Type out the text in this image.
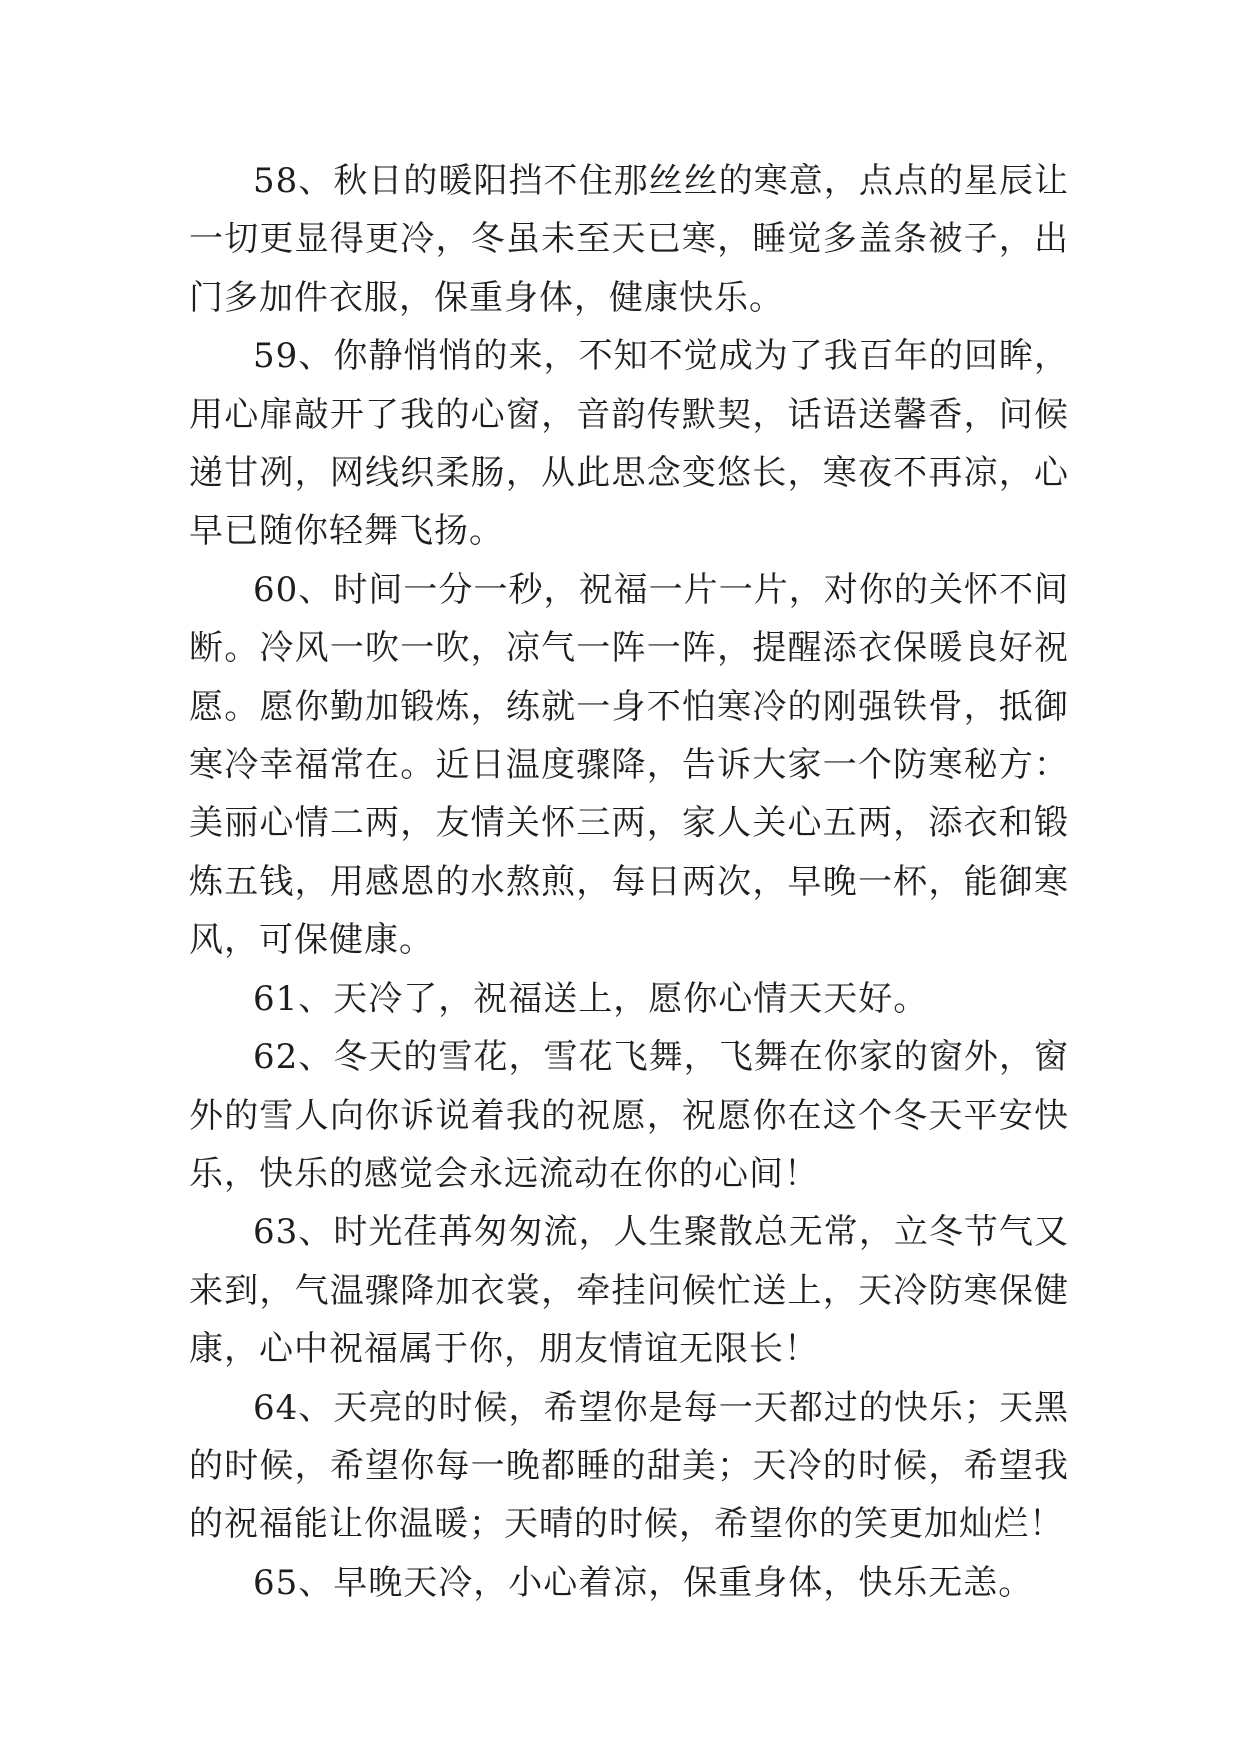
58、秋日的暖阳挡不住那丝丝的寒意，点点的星辰让一切更显得更冷，冬虽未至天已寒，睡觉多盖条被子，出门多加件衣服，保重身体，健康快乐。

59、你静悄悄的来，不知不觉成为了我百年的回眸，用心扉敲开了我的心窗，音韵传默契，话语送馨香，问候递甘冽，网线织柔肠，从此思念变悠长，寒夜不再凉，心早已随你轻舞飞扬。

60、时间一分一秒，祝福一片一片，对你的关怀不间断。冷风一吹一吹，凉气一阵一阵，提醒添衣保暖良好祝愿。愿你勤加锻炼，练就一身不怕寒冷的刚强铁骨，抵御寒冷幸福常在。近日温度骤降，告诉大家一个防寒秘方：美丽心情二两，友情关怀三两，家人关心五两，添衣和锻炼五钱，用感恩的水熬煎，每日两次，早晚一杯，能御寒风，可保健康。

61、天冷了，祝福送上，愿你心情天天好。

62、冬天的雪花，雪花飞舞，飞舞在你家的窗外，窗外的雪人向你诉说着我的祝愿，祝愿你在这个冬天平安快乐，快乐的感觉会永远流动在你的心间！

63、时光荏苒匆匆流，人生聚散总无常，立冬节气又来到，气温骤降加衣裳，牵挂问候忙送上，天冷防寒保健康，心中祝福属于你，朋友情谊无限长！

64、天亮的时候，希望你是每一天都过的快乐；天黑的时候，希望你每一晚都睡的甜美；天冷的时候，希望我的祝福能让你温暖；天晴的时候，希望你的笑更加灿烂！

65、早晚天冷，小心着凉，保重身体，快乐无恙。
